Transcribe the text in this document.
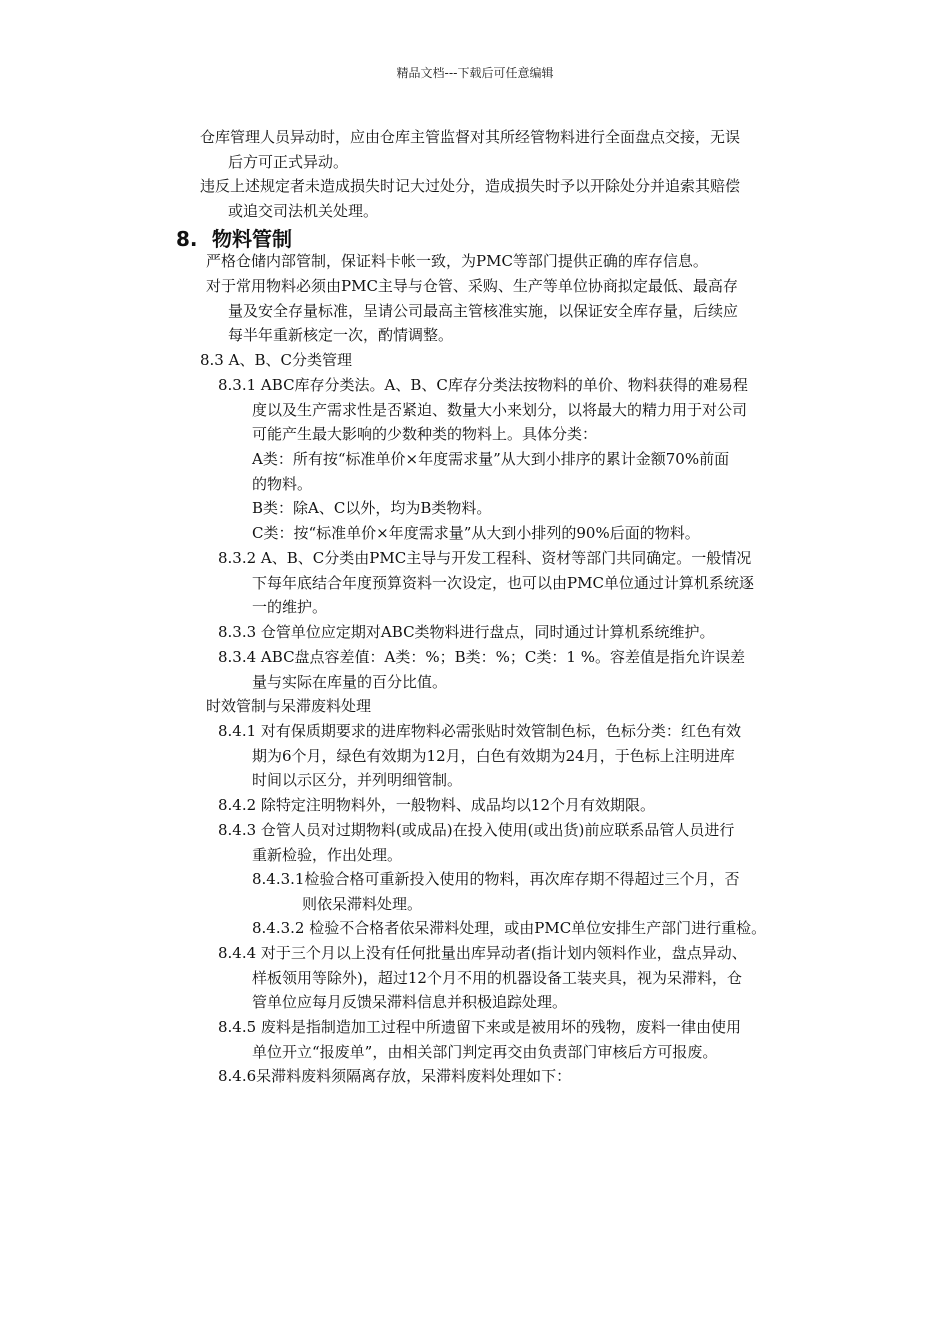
精品文档---下载后可任意编辑
仓库管理人员异动时，应由仓库主管监督对其所经管物料进行全面盘点交接，无误
后方可正式异动。
违反上述规定者未造成损失时记大过处分，造成损失时予以开除处分并追索其赔偿
或追交司法机关处理。
8. 物料管制
严格仓储内部管制，保证料卡帐一致，为PMC等部门提供正确的库存信息。
对于常用物料必须由PMC主导与仓管、采购、生产等单位协商拟定最低、最高存
量及安全存量标准，呈请公司最高主管核准实施，以保证安全库存量，后续应
每半年重新核定一次，酌情调整。
8.3 A、B、C分类管理
8.3.1 ABC库存分类法。A、B、C库存分类法按物料的单价、物料获得的难易程
度以及生产需求性是否紧迫、数量大小来划分，以将最大的精力用于对公司
可能产生最大影响的少数种类的物料上。具体分类：
A类：所有按“标准单价×年度需求量”从大到小排序的累计金额70%前面
的物料。
B类：除A、C以外，均为B类物料。
C类：按“标准单价×年度需求量”从大到小排列的90%后面的物料。
8.3.2 A、B、C分类由PMC主导与开发工程科、资材等部门共同确定。一般情况
下每年底结合年度预算资料一次设定，也可以由PMC单位通过计算机系统逐
一的维护。
8.3.3 仓管单位应定期对ABC类物料进行盘点，同时通过计算机系统维护。
8.3.4 ABC盘点容差值：A类：%；B类：%；C类：1 %。容差值是指允许误差
量与实际在库量的百分比值。
时效管制与呆滞废料处理
8.4.1 对有保质期要求的进库物料必需张贴时效管制色标，色标分类：红色有效
期为6个月，绿色有效期为12月，白色有效期为24月，于色标上注明进库
时间以示区分，并列明细管制。
8.4.2 除特定注明物料外，一般物料、成品均以12个月有效期限。
8.4.3 仓管人员对过期物料(或成品)在投入使用(或出货)前应联系品管人员进行
重新检验，作出处理。
8.4.3.1检验合格可重新投入使用的物料，再次库存期不得超过三个月，否
则依呆滞料处理。
8.4.3.2 检验不合格者依呆滞料处理，或由PMC单位安排生产部门进行重检。
8.4.4 对于三个月以上没有任何批量出库异动者(指计划内领料作业，盘点异动、
样板领用等除外)，超过12个月不用的机器设备工装夹具，视为呆滞料，仓
管单位应每月反馈呆滞料信息并积极追踪处理。
8.4.5 废料是指制造加工过程中所遗留下来或是被用坏的残物，废料一律由使用
单位开立“报废单”，由相关部门判定再交由负责部门审核后方可报废。
8.4.6呆滞料废料须隔离存放，呆滞料废料处理如下：
